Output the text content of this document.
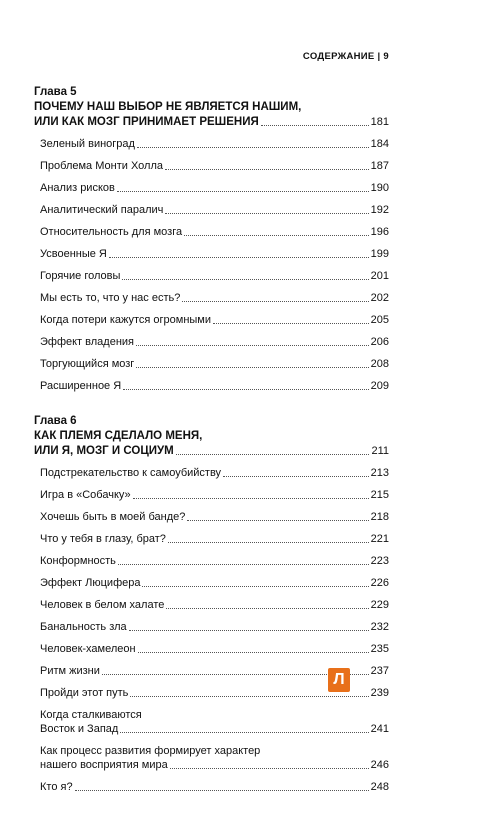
СОДЕРЖАНИЕ | 9
Глава 5
ПОЧЕМУ НАШ ВЫБОР НЕ ЯВЛЯЕТСЯ НАШИМ,
ИЛИ КАК МОЗГ ПРИНИМАЕТ РЕШЕНИЯ	181
Зеленый виноград	184
Проблема Монти Холла	187
Анализ рисков	190
Аналитический паралич	192
Относительность для мозга	196
Усвоенные Я	199
Горячие головы	201
Мы есть то, что у нас есть?	202
Когда потери кажутся огромными	205
Эффект владения	206
Торгующийся мозг	208
Расширенное Я	209
Глава 6
КАК ПЛЕМЯ СДЕЛАЛО МЕНЯ,
ИЛИ Я, МОЗГ И СОЦИУМ	211
Подстрекательство к самоубийству	213
Игра в «Собачку»	215
Хочешь быть в моей банде?	218
Что у тебя в глазу, брат?	221
Конформность	223
Эффект Люцифера	226
Человек в белом халате	229
Банальность зла	232
Человек-хамелеон	235
Ритм жизни	237
Пройди этот путь	239
Когда сталкиваются
Восток и Запад	241
Как процесс развития формирует характер
нашего восприятия мира	246
Кто я?	248
Л
